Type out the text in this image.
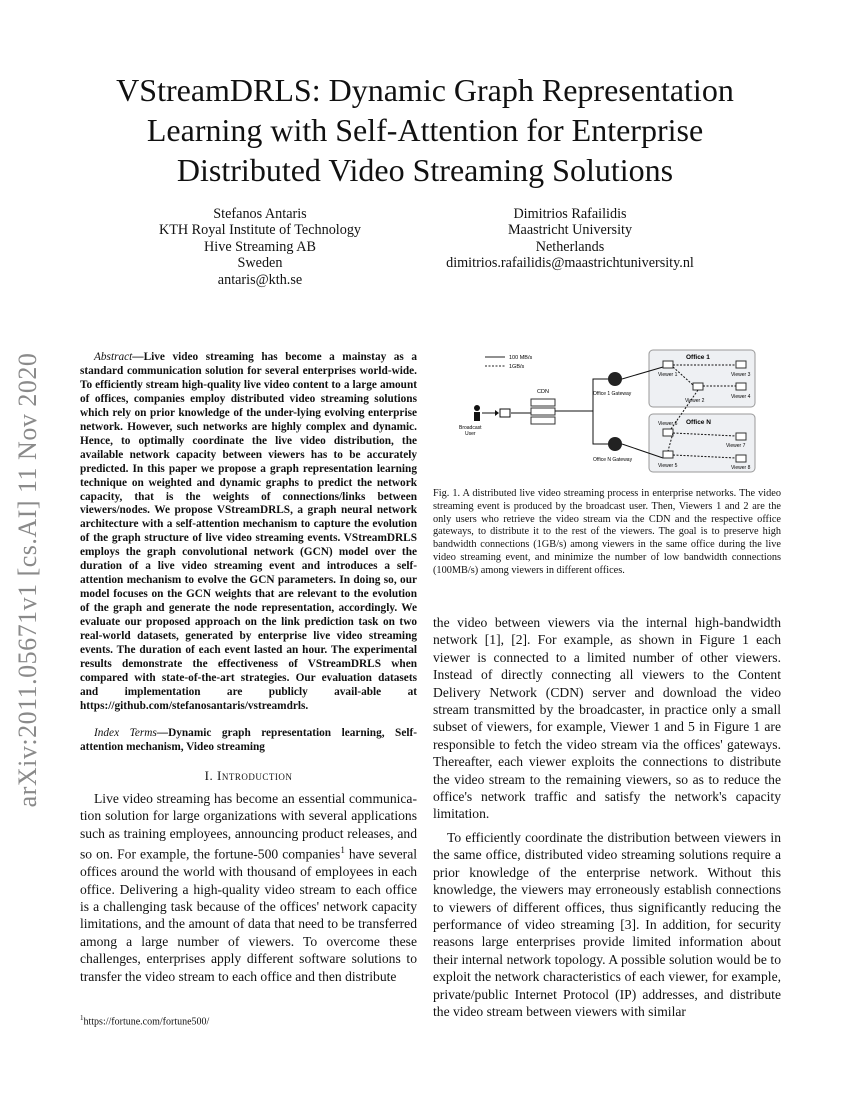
arXiv:2011.05671v1 [cs.AI] 11 Nov 2020
VStreamDRLS: Dynamic Graph Representation
Learning with Self-Attention for Enterprise
Distributed Video Streaming Solutions
Stefanos Antaris
KTH Royal Institute of Technology
Hive Streaming AB
Sweden
antaris@kth.se
Dimitrios Rafailidis
Maastricht University
Netherlands
dimitrios.rafailidis@maastrichtuniversity.nl
Abstract—Live video streaming has become a mainstay as a standard communication solution for several enterprises world-wide. To efficiently stream high-quality live video content to a large amount of offices, companies employ distributed video streaming solutions which rely on prior knowledge of the under-lying evolving enterprise network. However, such networks are highly complex and dynamic. Hence, to optimally coordinate the live video distribution, the available network capacity between viewers has to be accurately predicted. In this paper we propose a graph representation learning technique on weighted and dynamic graphs to predict the network capacity, that is the weights of connections/links between viewers/nodes. We propose VStreamDRLS, a graph neural network architecture with a self-attention mechanism to capture the evolution of the graph structure of live video streaming events. VStreamDRLS employs the graph convolutional network (GCN) model over the duration of a live video streaming event and introduces a self-attention mechanism to evolve the GCN parameters. In doing so, our model focuses on the GCN weights that are relevant to the evolution of the graph and generate the node representation, accordingly. We evaluate our proposed approach on the link prediction task on two real-world datasets, generated by enterprise live video streaming events. The duration of each event lasted an hour. The experimental results demonstrate the effectiveness of VStreamDRLS when compared with state-of-the-art strategies. Our evaluation datasets and implementation are publicly avail-able at https://github.com/stefanosantaris/vstreamdrls.
Index Terms—Dynamic graph representation learning, Self-attention mechanism, Video streaming
I. Introduction

Live video streaming has become an essential communica-tion solution for large organizations with several applications such as training employees, announcing product releases, and so on. For example, the fortune-500 companies$^1$ have several offices around the world with thousand of employees in each office. Delivering a high-quality video stream to each office is a challenging task because of the offices' network capacity limitations, and the amount of data that need to be transferred among a large number of viewers. To overcome these challenges, enterprises apply different software solutions to transfer the video stream to each office and then distribute

$^1$https://fortune.com/fortune500/
100 MB/s
1GB/s
Broadcast
User
CDN	Office 1 Gateway
Office N Gateway
Office 1
Office N
Viewer 1
Viewer 2
Viewer 3
Viewer 4
Viewer 5
Viewer 6
Viewer 7
Viewer 8
Fig. 1. A distributed live video streaming process in enterprise networks. The video streaming event is produced by the broadcast user. Then, Viewers 1 and 2 are the only users who retrieve the video stream via the CDN and the respective office gateways, to distribute it to the rest of the viewers. The goal is to preserve high bandwidth connections (1GB/s) among viewers in the same office during the live video streaming event, and minimize the number of low bandwidth connections (100MB/s) among viewers in different offices.

the video between viewers via the internal high-bandwidth network [1], [2]. For example, as shown in Figure 1 each viewer is connected to a limited number of other viewers. Instead of directly connecting all viewers to the Content Delivery Network (CDN) server and download the video stream transmitted by the broadcaster, in practice only a small subset of viewers, for example, Viewer 1 and 5 in Figure 1 are responsible to fetch the video stream via the offices' gateways. Thereafter, each viewer exploits the connections to distribute the video stream to the remaining viewers, so as to reduce the office's network traffic and satisfy the network's capacity limitation.

To efficiently coordinate the distribution between viewers in the same office, distributed video streaming solutions require a prior knowledge of the enterprise network. Without this knowledge, the viewers may erroneously establish connections to viewers of different offices, thus significantly reducing the performance of video streaming [3]. In addition, for security reasons large enterprises provide limited information about their internal network topology. A possible solution would be to exploit the network characteristics of each viewer, for example, private/public Internet Protocol (IP) addresses, and distribute the video stream between viewers with similar
